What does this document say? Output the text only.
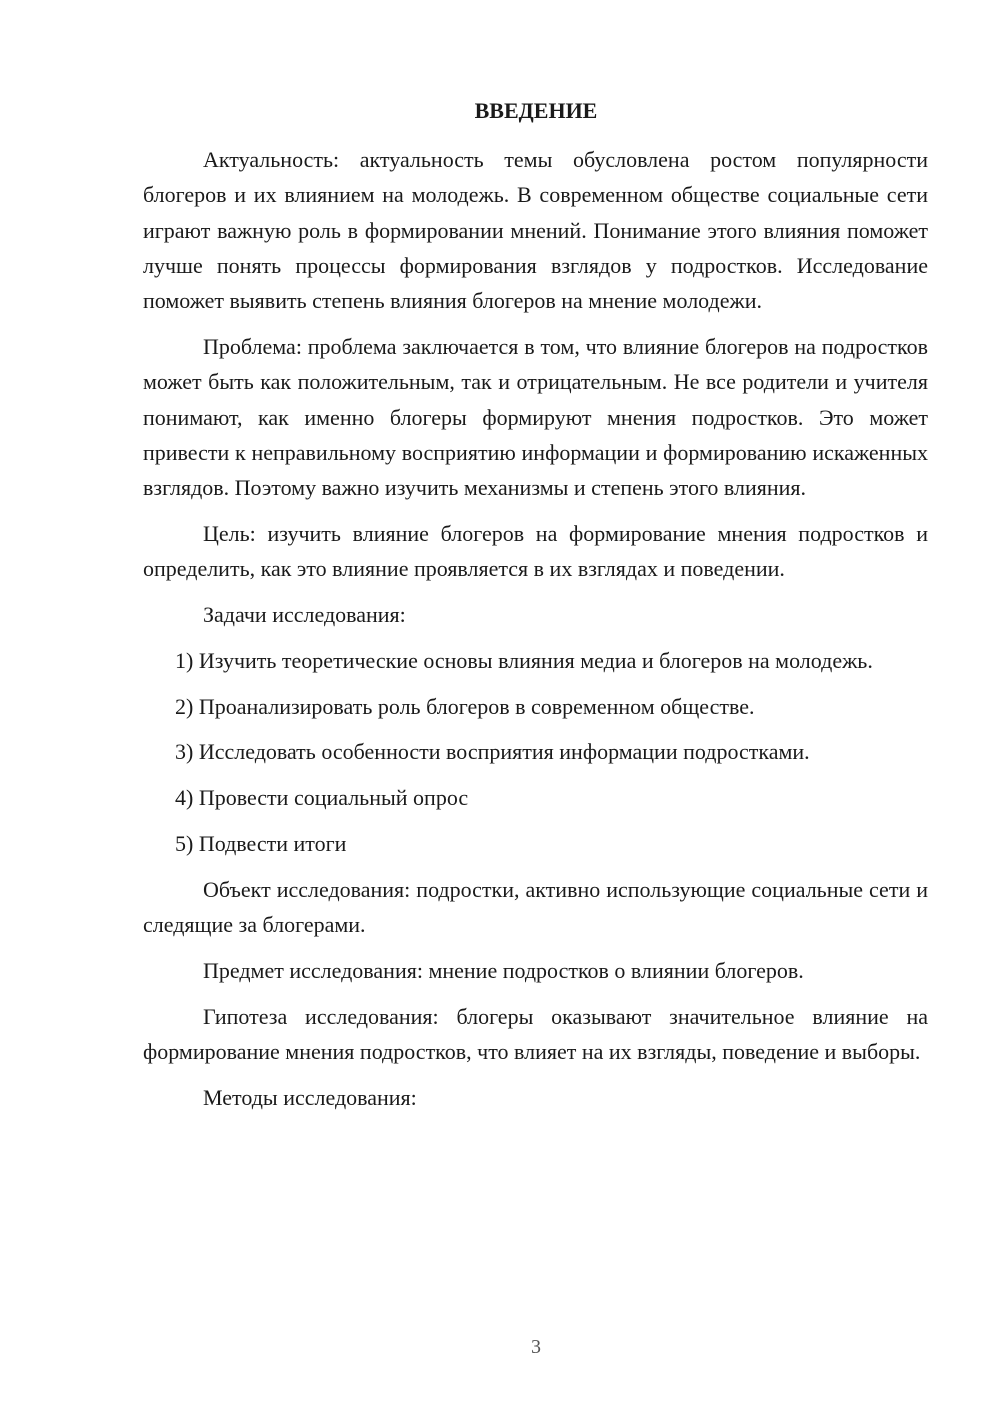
ВВЕДЕНИЕ

Актуальность: актуальность темы обусловлена ростом популярности блогеров и их влиянием на молодежь. В современном обществе социальные сети играют важную роль в формировании мнений. Понимание этого влияния поможет лучше понять процессы формирования взглядов у подростков. Исследование поможет выявить степень влияния блогеров на мнение молодежи.

Проблема: проблема заключается в том, что влияние блогеров на подростков может быть как положительным, так и отрицательным. Не все родители и учителя понимают, как именно блогеры формируют мнения подростков. Это может привести к неправильному восприятию информации и формированию искаженных взглядов. Поэтому важно изучить механизмы и степень этого влияния.

Цель: изучить влияние блогеров на формирование мнения подростков и определить, как это влияние проявляется в их взглядах и поведении.

Задачи исследования:

1) Изучить теоретические основы влияния медиа и блогеров на молодежь.

2) Проанализировать роль блогеров в современном обществе.

3) Исследовать особенности восприятия информации подростками.

4) Провести социальный опрос

5) Подвести итоги

Объект исследования: подростки, активно использующие социальные сети и следящие за блогерами.

Предмет исследования: мнение подростков о влиянии блогеров.

Гипотеза исследования: блогеры оказывают значительное влияние на формирование мнения подростков, что влияет на их взгляды, поведение и выборы.

Методы исследования:

3
